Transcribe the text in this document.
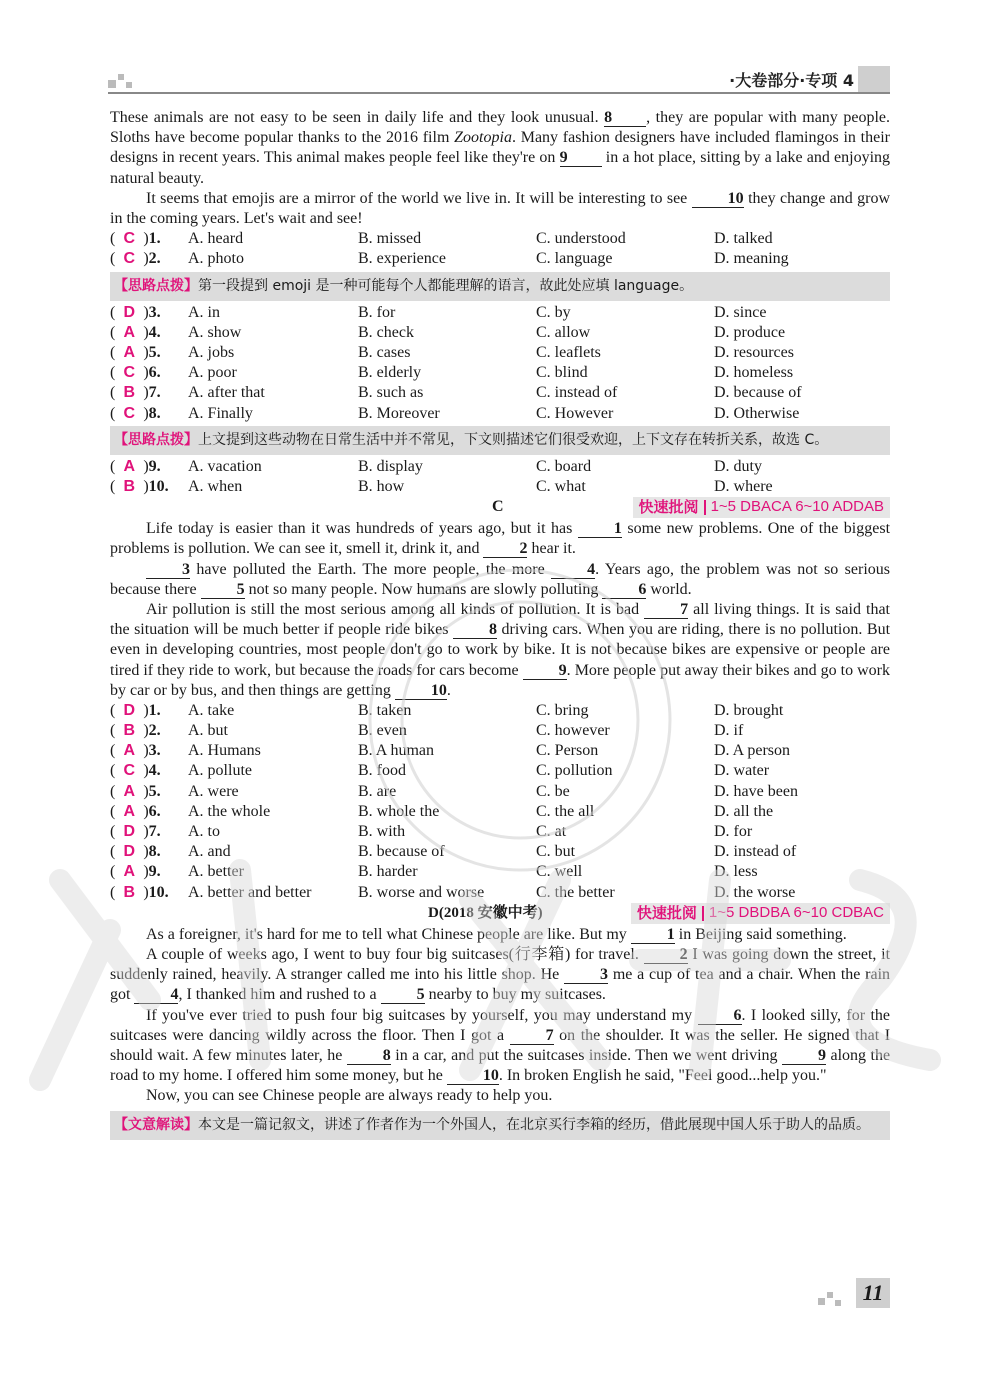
·大卷部分·专项 4

These animals are not easy to be seen in daily life and they look unusual. 8 , they are popular with many people. Sloths have become popular thanks to the 2016 film Zootopia. Many fashion designers have included flamingos in their designs in recent years. This animal makes people feel like they're on 9 in a hot place, sitting by a lake and enjoying natural beauty.

It seems that emojis are a mirror of the world we live in. It will be interesting to see	10 they change and grow in the coming years. Let's wait and see!

( C )1.	A. heard	B. missed	C. understood	D. talked
( C )2.	A. photo	B. experience	C. language	D. meaning
【思路点拨】第一段提到 emoji 是一种可能每个人都能理解的语言，故此处应填 language。
( D )3.	A. in	B. for	C. by	D. since
( A )4.	A. show	B. check	C. allow	D. produce
( A )5.	A. jobs	B. cases	C. leaflets	D. resources
( C )6.	A. poor	B. elderly	C. blind	D. homeless
( B )7.	A. after that	B. such as	C. instead of	D. because of
( C )8.	A. Finally	B. Moreover	C. However	D. Otherwise
【思路点拨】上文提到这些动物在日常生活中并不常见，下文则描述它们很受欢迎，上下文存在转折关系，故选 C。
( A )9.	A. vacation	B. display	C. board	D. duty
( B )10.	A. when	B. how	C. what	D. where
C	快速批阅 1~5 DBACA 6~10 ADDAB

Life today is easier than it was hundreds of years ago, but it has	1 some new problems. One of the biggest problems is pollution. We can see it, smell it, drink it, and	2 hear it.

3 have polluted the Earth. The more people, the more	4. Years ago, the problem was not so serious because there	5 not so many people. Now humans are slowly polluting	6 world.

Air pollution is still the most serious among all kinds of pollution. It is bad	7 all living things. It is said that the situation will be much better if people ride bikes	8 driving cars. When you are riding, there is no pollution. But even in developing countries, most people don't go to work by bike. It is not because bikes are expensive or people are tired if they ride to work, but because the roads for cars become	9. More people put away their bikes and go to work by car or by bus, and then things are getting	10.

( D )1.	A. take	B. taken	C. bring	D. brought
( B )2.	A. but	B. even	C. however	D. if
( A )3.	A. Humans	B. A human	C. Person	D. A person
( C )4.	A. pollute	B. food	C. pollution	D. water
( A )5.	A. were	B. are	C. be	D. have been
( A )6.	A. the whole	B. whole the	C. the all	D. all the
( D )7.	A. to	B. with	C. at	D. for
( D )8.	A. and	B. because of	C. but	D. instead of
( A )9.	A. better	B. harder	C. well	D. less
( B )10.	A. better and better	B. worse and worse	C. the better	D. the worse
D(2018 安徽中考)	快速批阅 1~5 DBDBA 6~10 CDBAC

As a foreigner, it's hard for me to tell what Chinese people are like. But my	1 in Beijing said something.

A couple of weeks ago, I went to buy four big suitcases(行李箱) for travel.	2 I was going down the street, it suddenly rained, heavily. A stranger called me into his little shop. He	3 me a cup of tea and a chair. When the rain got	4, I thanked him and rushed to a	5 nearby to buy my suitcases.

If you've ever tried to push four big suitcases by yourself, you may understand my	6. I looked silly, for the suitcases were dancing wildly across the floor. Then I got a	7 on the shoulder. It was the seller. He signed that I should wait. A few minutes later, he	8 in a car, and put the suitcases inside. Then we went driving	9 along the road to my home. I offered him some money, but he	10. In broken English he said, "Feel good...help you."

Now, you can see Chinese people are always ready to help you.

【文意解读】本文是一篇记叙文，讲述了作者作为一个外国人，在北京买行李箱的经历，借此展现中国人乐于助人的品质。
11
